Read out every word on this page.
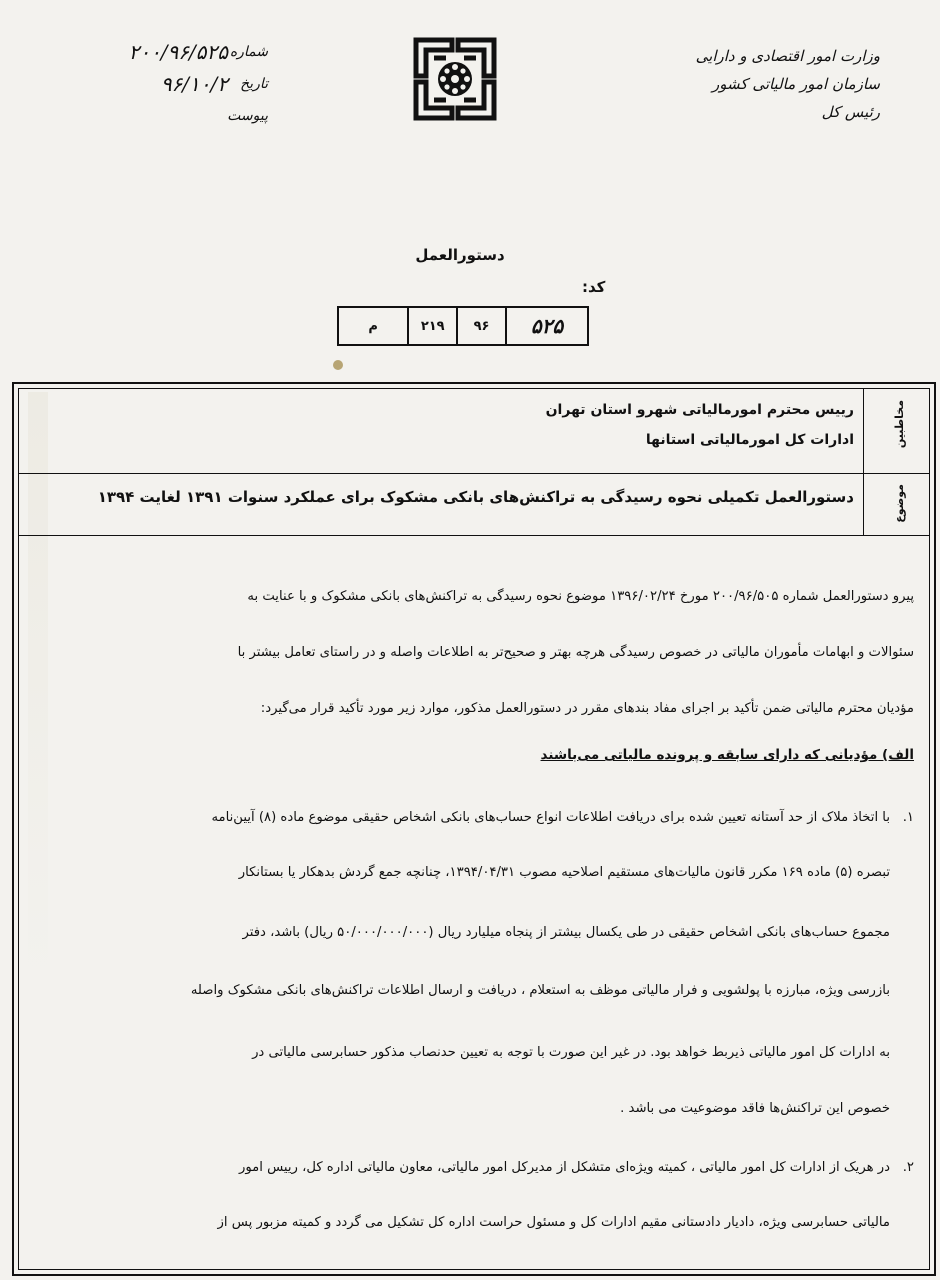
وزارت امور اقتصادی و دارایی
سازمان امور مالیاتی کشور
رئیس کل
شماره
۲۰۰/۹۶/۵۲۵
تاریخ
۹۶/۱۰/۲
پیوست
دستورالعمل
کد:
۵۲۵
۹۶
۲۱۹
م
مخاطبین
رییس محترم امورمالیاتی شهرو استان تهران
ادارات کل امورمالیاتی استانها
موضوع
دستورالعمل تکمیلی نحوه رسیدگی به تراکنش‌های بانکی مشکوک برای عملکرد سنوات ۱۳۹۱ لغایت ۱۳۹۴
پیرو دستورالعمل شماره ۲۰۰/۹۶/۵۰۵ مورخ ۱۳۹۶/۰۲/۲۴ موضوع نحوه رسیدگی به تراکنش‌های بانکی مشکوک و با عنایت به
سئوالات و ابهامات مأموران مالیاتی در خصوص رسیدگی هرچه بهتر و صحیح‌تر به اطلاعات واصله و در راستای تعامل بیشتر با
مؤدیان محترم مالیاتی ضمن تأکید بر اجرای مفاد بندهای مقرر در دستورالعمل مذکور، موارد زیر مورد تأکید قرار می‌گیرد:
الف) مؤدیانی که دارای سابقه و پرونده مالیاتی می‌باشند
۱.
با اتخاذ ملاک از حد آستانه تعیین شده برای دریافت اطلاعات انواع حساب‌های بانکی اشخاص حقیقی موضوع ماده (۸) آیین‌نامه
تبصره (۵) ماده ۱۶۹ مکرر قانون مالیات‌های مستقیم اصلاحیه مصوب ۱۳۹۴/۰۴/۳۱، چنانچه جمع گردش بدهکار یا بستانکار
مجموع حساب‌های بانکی اشخاص حقیقی در طی یکسال بیشتر از پنجاه میلیارد ریال (۵۰/۰۰۰/۰۰۰/۰۰۰ ریال) باشد، دفتر
بازرسی ویژه، مبارزه با پولشویی و فرار مالیاتی موظف به استعلام ، دریافت و ارسال اطلاعات تراکنش‌های بانکی مشکوک واصله
به ادارات کل امور مالیاتی ذیربط خواهد بود. در غیر این صورت با توجه به تعیین حدنصاب مذکور حسابرسی مالیاتی در
خصوص این تراکنش‌ها فاقد موضوعیت می باشد .
۲.
در هریک از ادارات کل امور مالیاتی ، کمیته ویژه‌ای متشکل از مدیرکل امور مالیاتی، معاون مالیاتی اداره کل، رییس امور
مالیاتی حسابرسی ویژه، دادیار دادستانی مقیم ادارات کل و مسئول حراست اداره کل تشکیل می گردد و کمیته مزبور پس از
